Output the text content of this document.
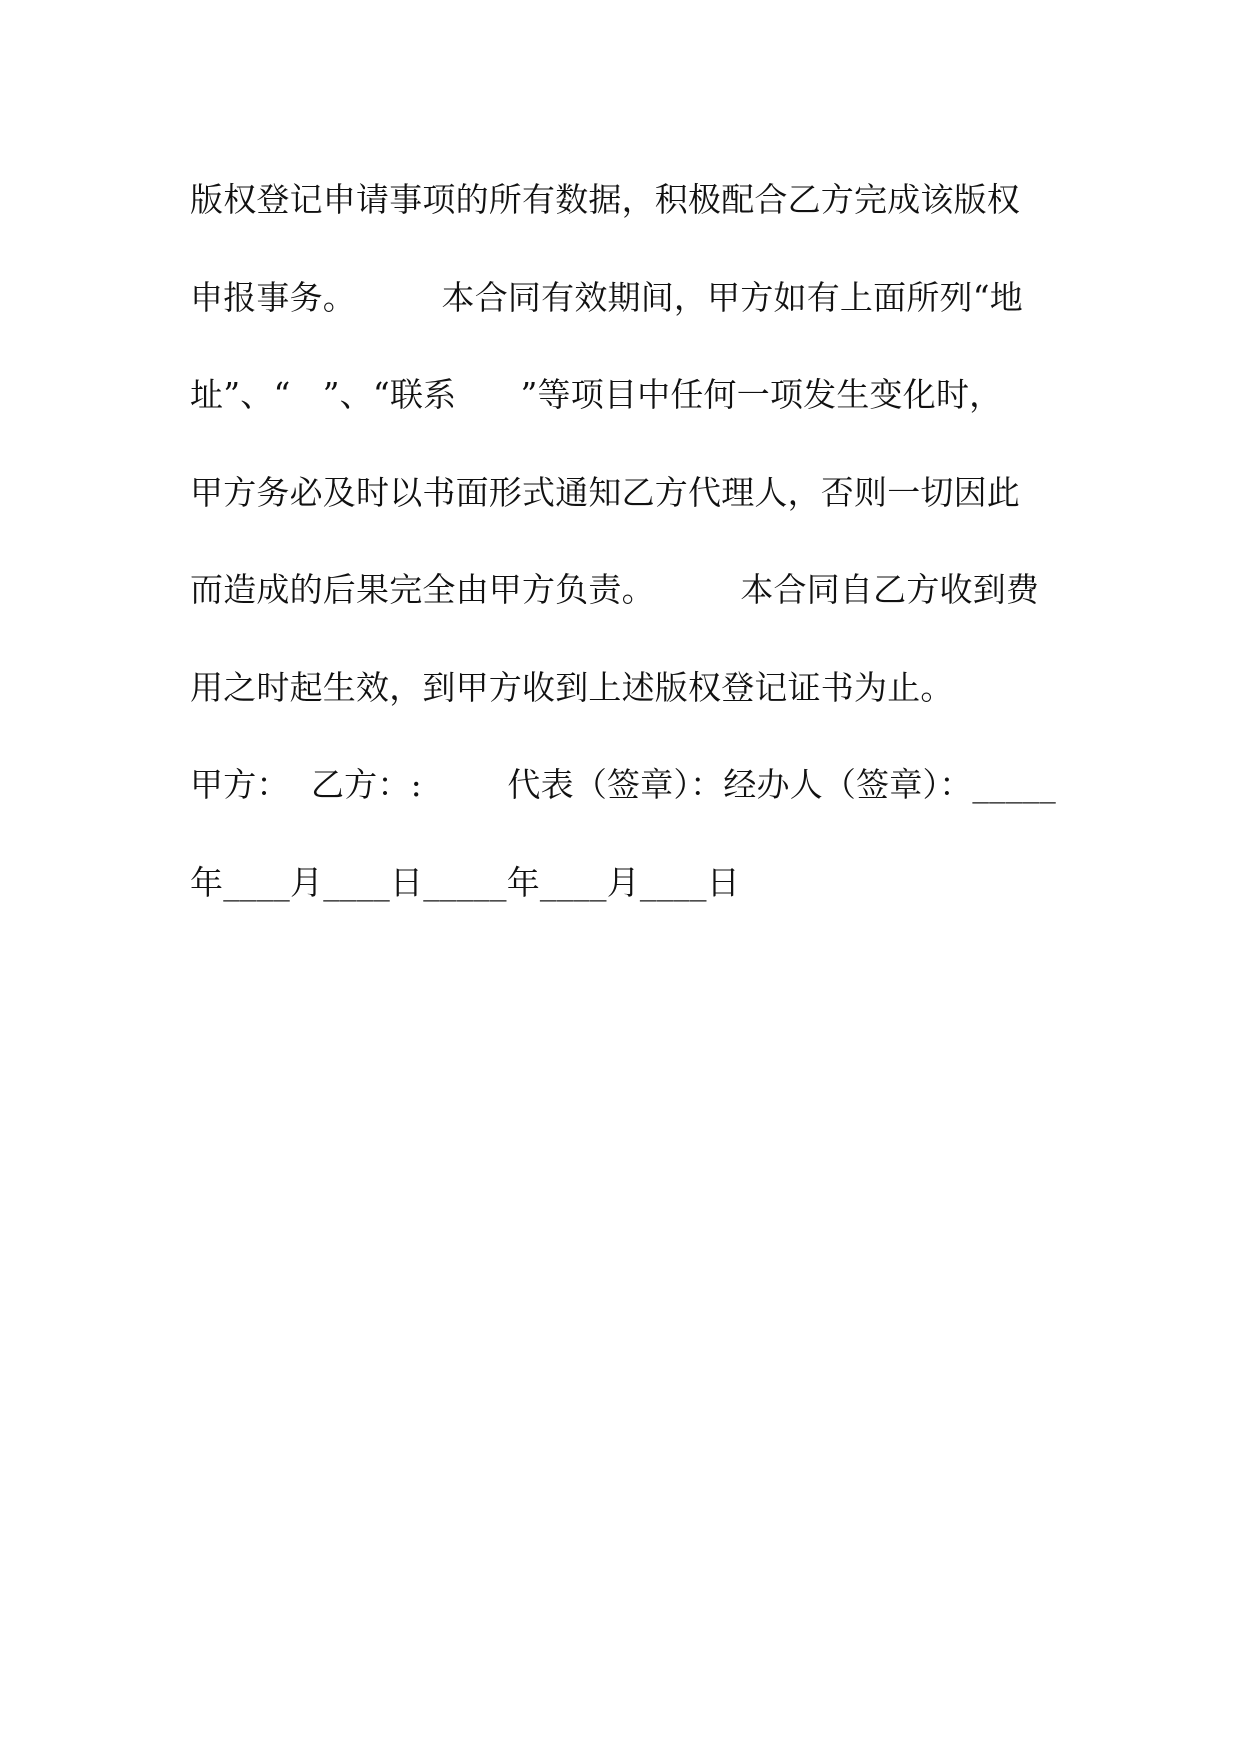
版权登记申请事项的所有数据，积极配合乙方完成该版权
申报事务。        本合同有效期间，甲方如有上面所列“地
址”、“   ”、“联系      ”等项目中任何一项发生变化时，
甲方务必及时以书面形式通知乙方代理人，否则一切因此
而造成的后果完全由甲方负责。        本合同自乙方收到费
用之时起生效，到甲方收到上述版权登记证书为止。
甲方：  乙方：:        代表（签章）：经办人（签章）：_____
年____月____日_____年____月____日
